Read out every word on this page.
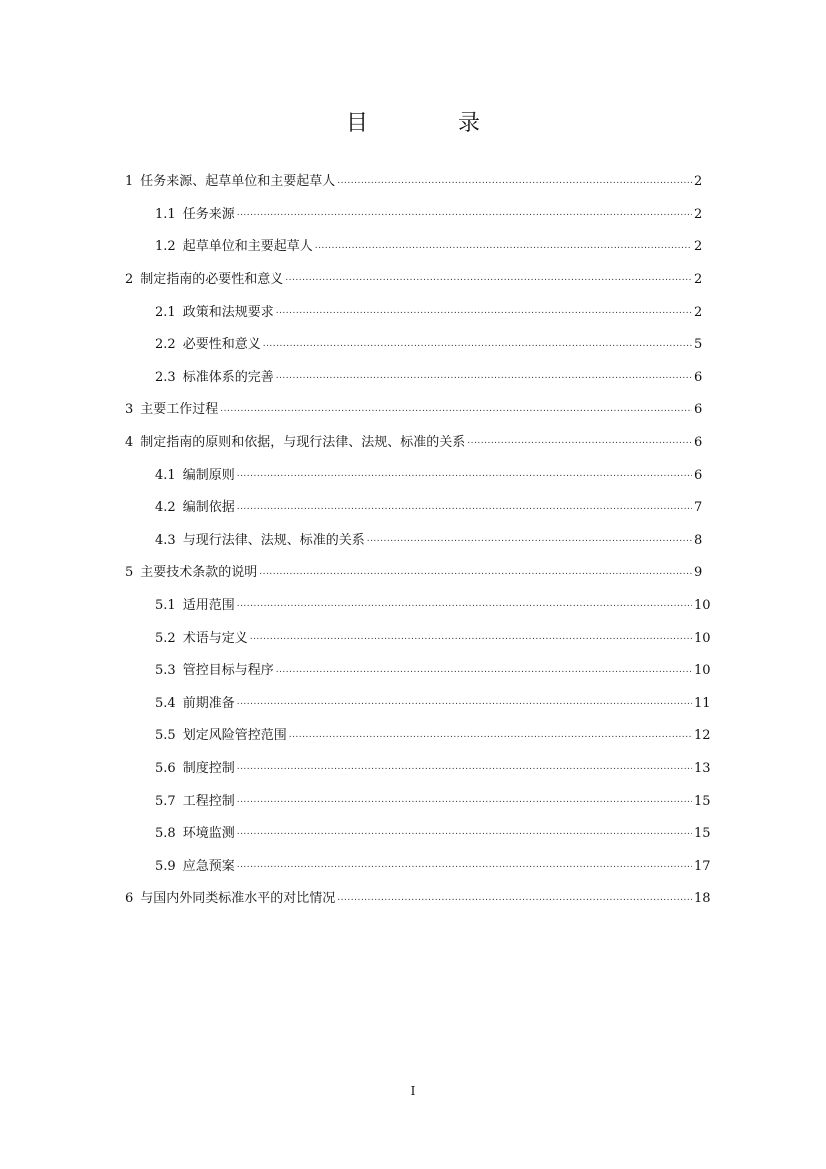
目　录
1 任务来源、起草单位和主要起草人 .....	2
1.1 任务来源 .....	2
1.2 起草单位和主要起草人 .....	2
2 制定指南的必要性和意义 .....	2
2.1 政策和法规要求 .....	2
2.2 必要性和意义 .....	5
2.3 标准体系的完善 .....	6
3 主要工作过程 .....	6
4 制定指南的原则和依据，与现行法律、法规、标准的关系 .....	6
4.1 编制原则 .....	6
4.2 编制依据 .....	7
4.3 与现行法律、法规、标准的关系 .....	8
5 主要技术条款的说明 .....	9
5.1 适用范围 .....	10
5.2 术语与定义 .....	10
5.3 管控目标与程序 .....	10
5.4 前期准备 .....	11
5.5 划定风险管控范围 .....	12
5.6 制度控制 .....	13
5.7 工程控制 .....	15
5.8 环境监测 .....	15
5.9 应急预案 .....	17
6 与国内外同类标准水平的对比情况 .....	18

I
